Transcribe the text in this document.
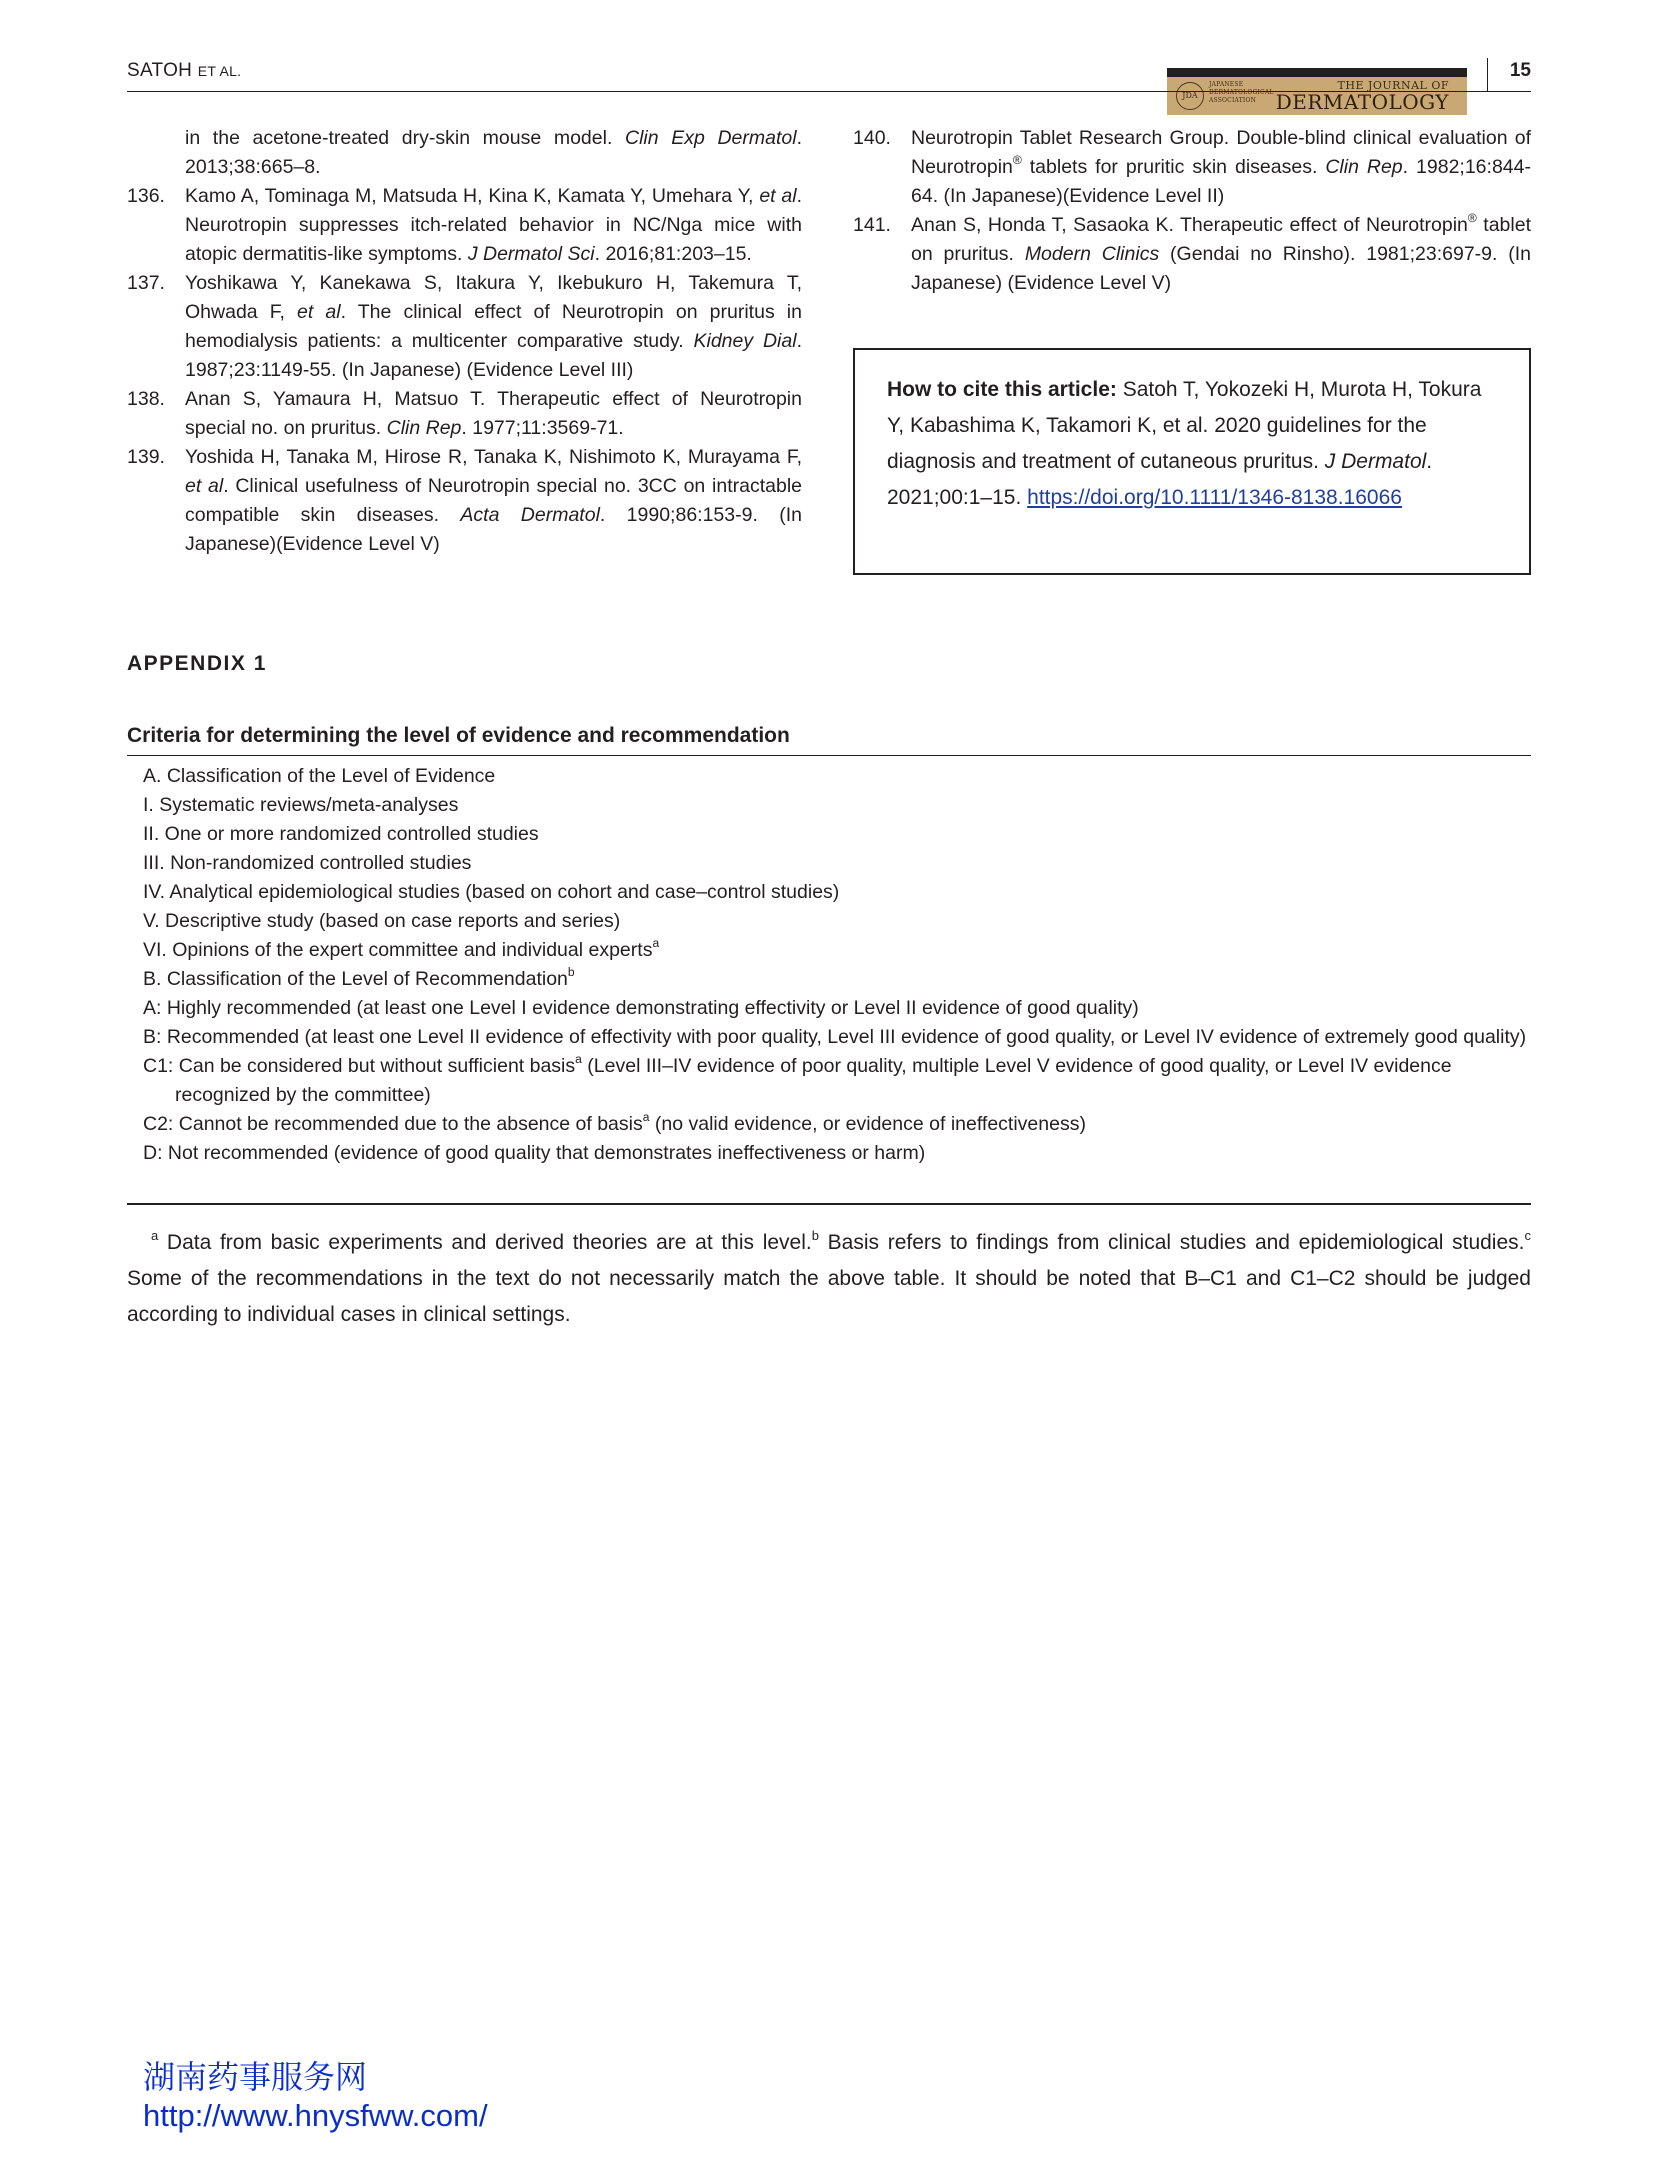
SATOH ET AL.
JDA
JAPANESE DERMATOLOGICAL ASSOCIATION
THE JOURNAL OF
DERMATOLOGY
15
in the acetone-treated dry-skin mouse model. Clin Exp Dermatol. 2013;38:665–8.
136. Kamo A, Tominaga M, Matsuda H, Kina K, Kamata Y, Umehara Y, et al. Neurotropin suppresses itch-related behavior in NC/Nga mice with atopic dermatitis-like symptoms. J Dermatol Sci. 2016;81:203–15.
137. Yoshikawa Y, Kanekawa S, Itakura Y, Ikebukuro H, Takemura T, Ohwada F, et al. The clinical effect of Neurotropin on pruritus in hemodialysis patients: a multicenter comparative study. Kidney Dial. 1987;23:1149-55. (In Japanese) (Evidence Level III)
138. Anan S, Yamaura H, Matsuo T. Therapeutic effect of Neurotropin special no. on pruritus. Clin Rep. 1977;11:3569-71.
139. Yoshida H, Tanaka M, Hirose R, Tanaka K, Nishimoto K, Murayama F, et al. Clinical usefulness of Neurotropin special no. 3CC on intractable compatible skin diseases. Acta Dermatol. 1990;86:153-9. (In Japanese)(Evidence Level V)
140. Neurotropin Tablet Research Group. Double-blind clinical evaluation of Neurotropin® tablets for pruritic skin diseases. Clin Rep. 1982;16:844-64. (In Japanese)(Evidence Level II)
141. Anan S, Honda T, Sasaoka K. Therapeutic effect of Neurotropin® tablet on pruritus. Modern Clinics (Gendai no Rinsho). 1981;23:697-9. (In Japanese) (Evidence Level V)
How to cite this article: Satoh T, Yokozeki H, Murota H, Tokura Y, Kabashima K, Takamori K, et al. 2020 guidelines for the diagnosis and treatment of cutaneous pruritus. J Dermatol. 2021;00:1–15. https://doi.org/10.1111/1346-8138.16066
APPENDIX 1
Criteria for determining the level of evidence and recommendation
A. Classification of the Level of Evidence
I. Systematic reviews/meta-analyses
II. One or more randomized controlled studies
III. Non-randomized controlled studies
IV. Analytical epidemiological studies (based on cohort and case–control studies)
V. Descriptive study (based on case reports and series)
VI. Opinions of the expert committee and individual experts$^a$
B. Classification of the Level of Recommendation$^b$
A: Highly recommended (at least one Level I evidence demonstrating effectivity or Level II evidence of good quality)
B: Recommended (at least one Level II evidence of effectivity with poor quality, Level III evidence of good quality, or Level IV evidence of extremely good quality)
C1: Can be considered but without sufficient basis$^a$ (Level III–IV evidence of poor quality, multiple Level V evidence of good quality, or Level IV evidence recognized by the committee)
C2: Cannot be recommended due to the absence of basis$^a$ (no valid evidence, or evidence of ineffectiveness)
D: Not recommended (evidence of good quality that demonstrates ineffectiveness or harm)
$^a$ Data from basic experiments and derived theories are at this level.$^b$ Basis refers to findings from clinical studies and epidemiological studies.$^c$ Some of the recommendations in the text do not necessarily match the above table. It should be noted that B–C1 and C1–C2 should be judged according to individual cases in clinical settings.
湖南药事服务网
http://www.hnysfww.com/
